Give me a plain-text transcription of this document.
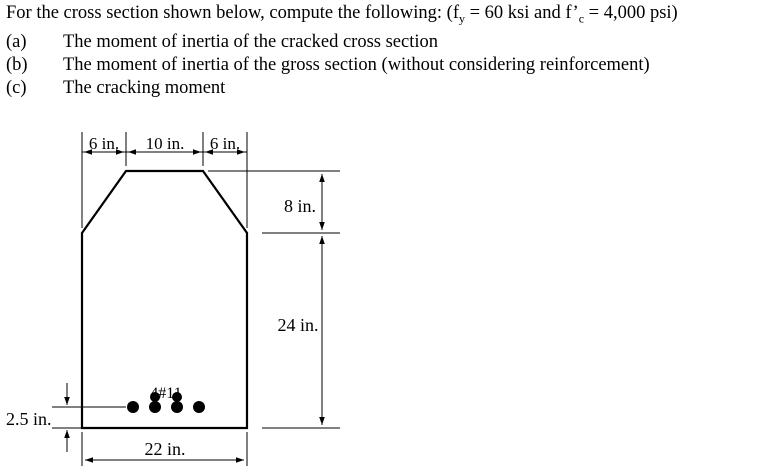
For the cross section shown below, compute the following: ($f_y = 60$ ksi and $f’_c = 4,000$ psi)
(a)	The moment of inertia of the cracked cross section
(b)	The moment of inertia of the gross section (without considering reinforcement)
(c)	The cracking moment
6 in. 10 in. 6 in.
8 in.
24 in.
4#11
2.5 in.
22 in.
